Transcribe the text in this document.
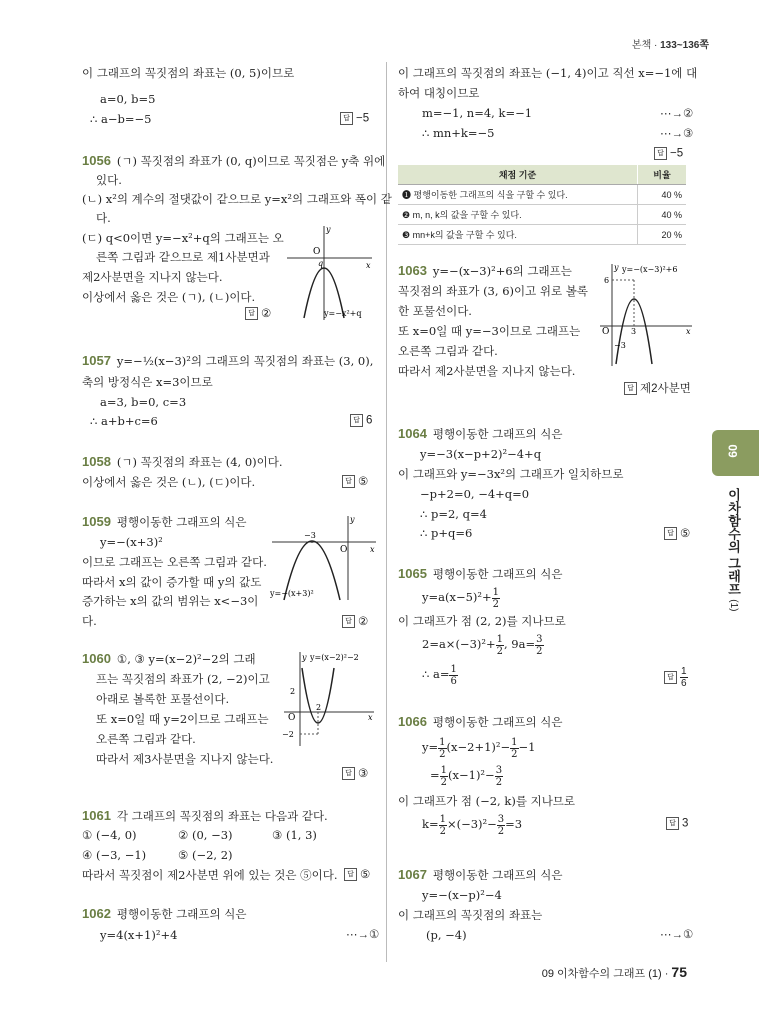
본책 · 133~136쪽
이 그래프의 꼭짓점의 좌표는 (0, 5)이므로
a=0, b=5
∴ a−b=−5	답 −5
1056 (ㄱ) 꼭짓점의 좌표가 (0, q)이므로 꼭짓점은 y축 위에
있다.
(ㄴ) x²의 계수의 절댓값이 같으므로 y=x²의 그래프와 폭이 같
다.
(ㄷ) q<0이면 y=−x²+q의 그래프는 오
른쪽 그림과 같으므로 제1사분면과
제2사분면을 지나지 않는다.
이상에서 옳은 것은 (ㄱ), (ㄴ)이다.
답 ②
y
x
O
q
y=−x²+q
1057 y=−½(x−3)²의 그래프의 꼭짓점의 좌표는 (3, 0),
축의 방정식은 x=3이므로
a=3, b=0, c=3
∴ a+b+c=6	답 6
1058 (ㄱ) 꼭짓점의 좌표는 (4, 0)이다.
이상에서 옳은 것은 (ㄴ), (ㄷ)이다.	답 ⑤
1059 평행이동한 그래프의 식은
y=−(x+3)²
이므로 그래프는 오른쪽 그림과 같다.
따라서 x의 값이 증가할 때 y의 값도
증가하는 x의 값의 범위는 x<−3이
다.	답 ②
−3
y
x
O
y=−(x+3)²
1060 ①, ③ y=(x−2)²−2의 그래
프는 꼭짓점의 좌표가 (2, −2)이고
아래로 볼록한 포물선이다.
또 x=0일 때 y=2이므로 그래프는
오른쪽 그림과 같다.
따라서 제3사분면을 지나지 않는다.
답 ③
y y=(x−2)²−2
x
O
2
2
−2
1061 각 그래프의 꼭짓점의 좌표는 다음과 같다.
① (−4, 0)	② (0, −3)	③ (1, 3)
④ (−3, −1)	⑤ (−2, 2)
따라서 꼭짓점이 제2사분면 위에 있는 것은 ⑤이다.	답 ⑤
1062 평행이동한 그래프의 식은
y=4(x+1)²+4	⋯→①
이 그래프의 꼭짓점의 좌표는 (−1, 4)이고 직선 x=−1에 대
하여 대칭이므로
m=−1, n=4, k=−1
∴ mn+k=−5
⋯→②
⋯→③
답 −5
채점 기준	비율
❶ 평행이동한 그래프의 식을 구할 수 있다.	40 %
❷ m, n, k의 값을 구할 수 있다.	40 %
❸ mn+k의 값을 구할 수 있다.	20 %
1063 y=−(x−3)²+6의 그래프는
꼭짓점의 좌표가 (3, 6)이고 위로 볼록
한 포물선이다.
또 x=0일 때 y=−3이므로 그래프는
오른쪽 그림과 같다.
따라서 제2사분면을 지나지 않는다.
답 제2사분면
y y=−(x−3)²+6
x
O
6
3
−3
1064 평행이동한 그래프의 식은
y=−3(x−p+2)²−4+q
이 그래프와 y=−3x²의 그래프가 일치하므로
−p+2=0, −4+q=0
∴ p=2, q=4
∴ p+q=6	답 ⑤
1065 평행이동한 그래프의 식은
$y=a(x-5)^2+ \frac{1}{2}$
이 그래프가 점 (2, 2)를 지나므로
$2=a\times(-3)^2+ \frac{1}{2}$ , $9a= \frac{3}{2}$
∴ $a= \frac{1}{6}$	답 $\frac{1}{6}$
1066 평행이동한 그래프의 식은
$y= \frac{1}{2} (x-2+1)^2- \frac{1}{2} -1$
= $\frac{1}{2} (x-1)^2- \frac{3}{2}$
이 그래프가 점 (−2, k)를 지나므로
$k= \frac{1}{2} \times(-3)^2- \frac{3}{2} =3$	답 3
1067 평행이동한 그래프의 식은
y=−(x−p)²−4
이 그래프의 꼭짓점의 좌표는
(p, −4)	⋯→①
09
이차함수의 그래프 (1)
09 이차함수의 그래프 (1) · 75
